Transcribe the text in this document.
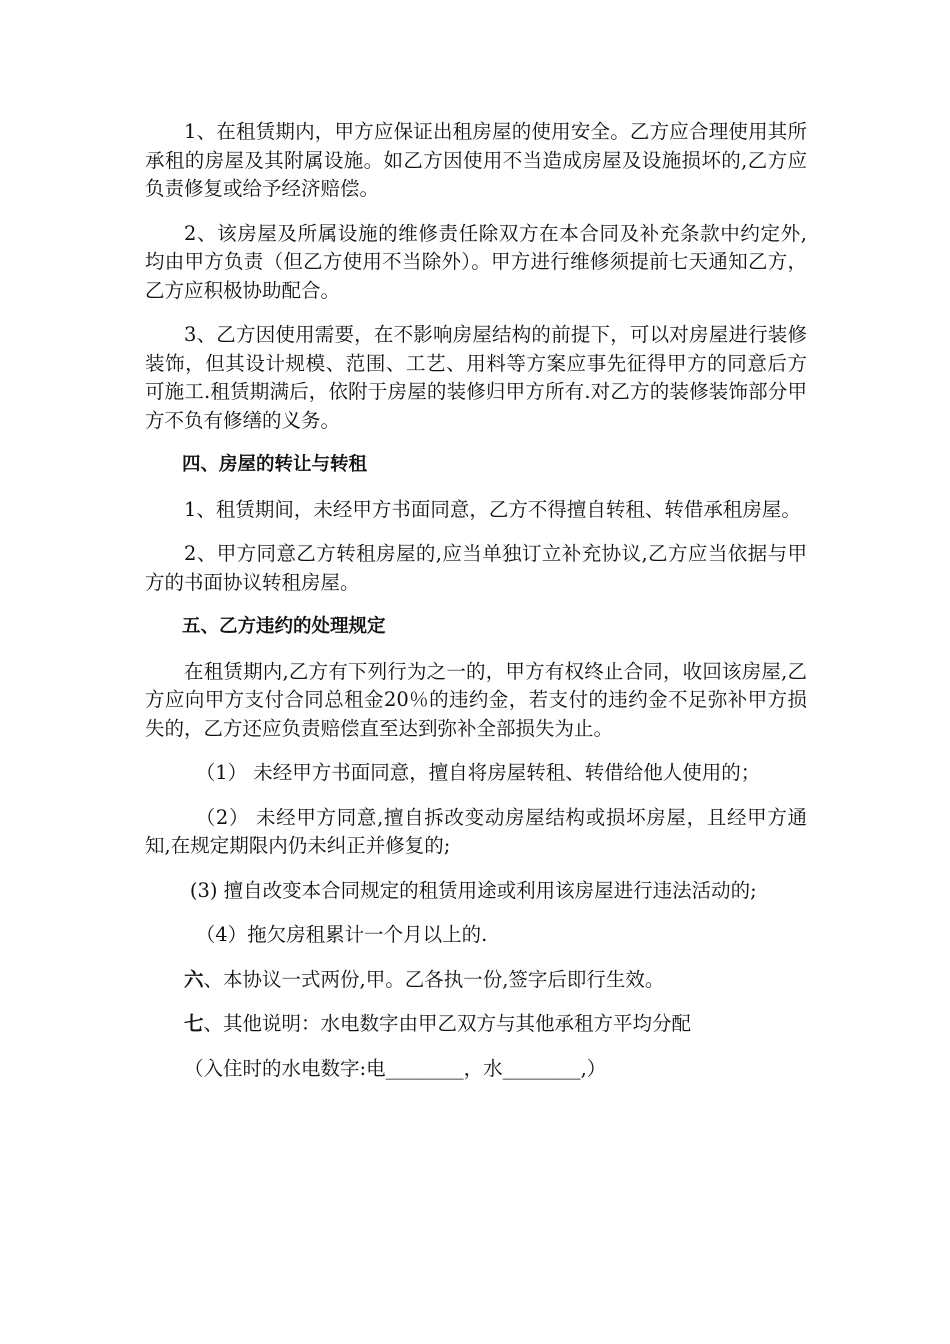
1、在租赁期内，甲方应保证出租房屋的使用安全。乙方应合理使用其所承租的房屋及其附属设施。如乙方因使用不当造成房屋及设施损坏的,乙方应负责修复或给予经济赔偿。

2、该房屋及所属设施的维修责任除双方在本合同及补充条款中约定外,均由甲方负责（但乙方使用不当除外）。甲方进行维修须提前七天通知乙方，乙方应积极协助配合。

3、乙方因使用需要，在不影响房屋结构的前提下，可以对房屋进行装修装饰，但其设计规模、范围、工艺、用料等方案应事先征得甲方的同意后方可施工.租赁期满后，依附于房屋的装修归甲方所有.对乙方的装修装饰部分甲方不负有修缮的义务。

四、房屋的转让与转租

1、租赁期间，未经甲方书面同意，乙方不得擅自转租、转借承租房屋。

2、甲方同意乙方转租房屋的,应当单独订立补充协议,乙方应当依据与甲方的书面协议转租房屋。

五、乙方违约的处理规定

在租赁期内,乙方有下列行为之一的，甲方有权终止合同，收回该房屋,乙方应向甲方支付合同总租金20％的违约金，若支付的违约金不足弥补甲方损失的，乙方还应负责赔偿直至达到弥补全部损失为止。

（1） 未经甲方书面同意，擅自将房屋转租、转借给他人使用的；

（2） 未经甲方同意,擅自拆改变动房屋结构或损坏房屋，且经甲方通知,在规定期限内仍未纠正并修复的;

(3) 擅自改变本合同规定的租赁用途或利用该房屋进行违法活动的;

（4）拖欠房租累计一个月以上的.

六、本协议一式两份,甲。乙各执一份,签字后即行生效。

七、其他说明：水电数字由甲乙双方与其他承租方平均分配

（入住时的水电数字:电________，水________,）
